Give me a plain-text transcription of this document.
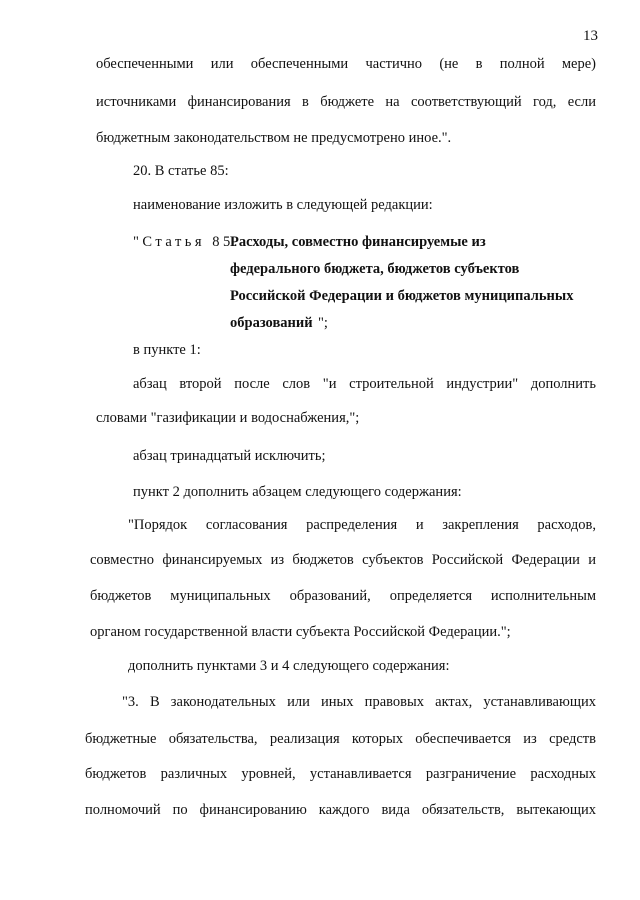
13
обеспеченными или обеспеченными частично (не в полной мере)
источниками финансирования в бюджете на соответствующий год, если
бюджетным законодательством не предусмотрено иное.".
20. В статье 85:
наименование изложить в следующей редакции:
"Статья 85.
Расходы, совместно финансируемые из
федерального бюджета, бюджетов субъектов
Российской Федерации и бюджетов муниципальных
образований ";
в пункте 1:
абзац второй после слов "и строительной индустрии" дополнить
словами "газификации и водоснабжения,";
абзац тринадцатый исключить;
пункт 2 дополнить абзацем следующего содержания:
"Порядок согласования распределения и закрепления расходов,
совместно финансируемых из бюджетов субъектов Российской Федерации и
бюджетов муниципальных образований, определяется исполнительным
органом государственной власти субъекта Российской Федерации.";
дополнить пунктами 3 и 4 следующего содержания:
"3. В законодательных или иных правовых актах, устанавливающих
бюджетные обязательства, реализация которых обеспечивается из средств
бюджетов различных уровней, устанавливается разграничение расходных
полномочий по финансированию каждого вида обязательств, вытекающих
